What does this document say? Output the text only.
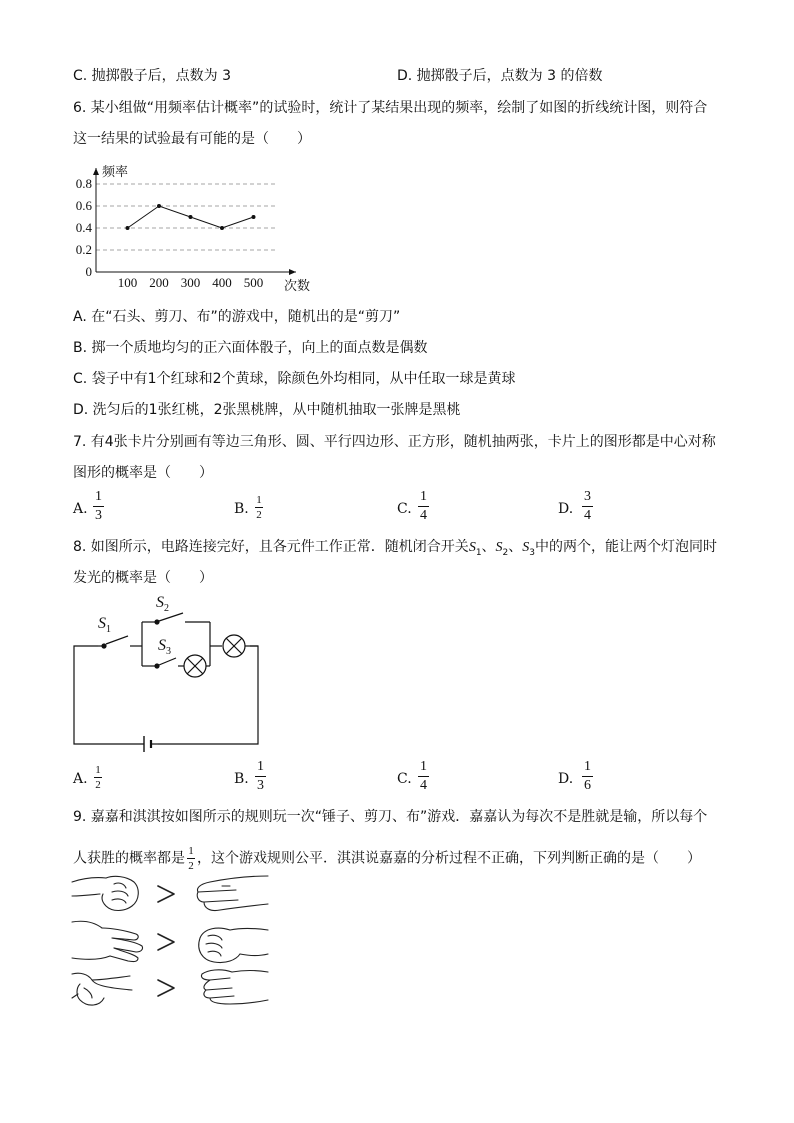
C. 抛掷骰子后，点数为 3	D. 抛掷骰子后，点数为 3 的倍数
6. 某小组做“用频率估计概率”的试验时，统计了某结果出现的频率，绘制了如图的折线统计图，则符合
这一结果的试验最有可能的是（　　）
0
0.2
0.4
0.6
0.8
频率
次数
100 200 300 400 500
A. 在“石头、剪刀、布”的游戏中，随机出的是“剪刀”
B. 掷一个质地均匀的正六面体骰子，向上的面点数是偶数
C. 袋子中有1个红球和2个黄球，除颜色外均相同，从中任取一球是黄球
D. 洗匀后的1张红桃，2张黑桃牌，从中随机抽取一张牌是黑桃
7. 有4张卡片分别画有等边三角形、圆、平行四边形、正方形，随机抽两张，卡片上的图形都是中心对称
图形的概率是（　　）
A.
1
3	B.
1
2	C.
1
4	D.
3
4
8. 如图所示，电路连接完好，且各元件工作正常．随机闭合开关$S_1$、$S_2$、$S_3$中的两个，能让两个灯泡同时
发光的概率是（　　）
$S_1$
$S_2$
$S_3$
A.
1
2	B.
1
3	C.
1
4	D.
1
6
9. 嘉嘉和淇淇按如图所示的规则玩一次“锤子、剪刀、布”游戏．嘉嘉认为每次不是胜就是输，所以每个
人获胜的概率都是 $\frac{1}{2}$ ，这个游戏规则公平．淇淇说嘉嘉的分析过程不正确，下列判断正确的是（　　）
